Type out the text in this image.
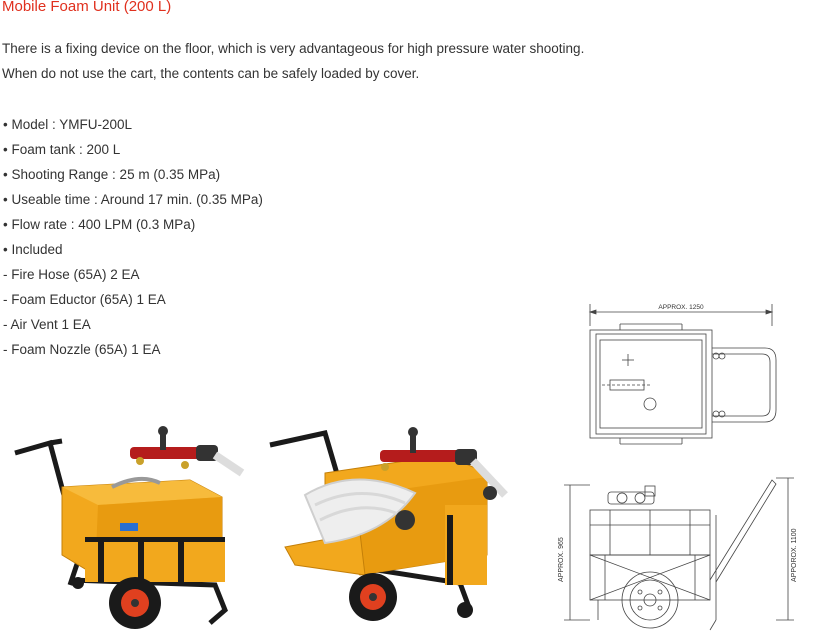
Mobile Foam Unit (200 L)
There is a fixing device on the floor, which is very advantageous for high pressure water shooting.
When do not use the cart, the contents can be safely loaded by cover.
• Model : YMFU-200L
• Foam tank : 200 L
• Shooting Range : 25 m (0.35 MPa)
• Useable time : Around 17 min. (0.35 MPa)
• Flow rate : 400 LPM (0.3 MPa)
• Included
- Fire Hose (65A) 2 EA
- Foam Eductor (65A) 1 EA
- Air Vent 1 EA
- Foam Nozzle (65A) 1 EA
APPROX. 1250
APPROX. 965	APPOROX. 1100
